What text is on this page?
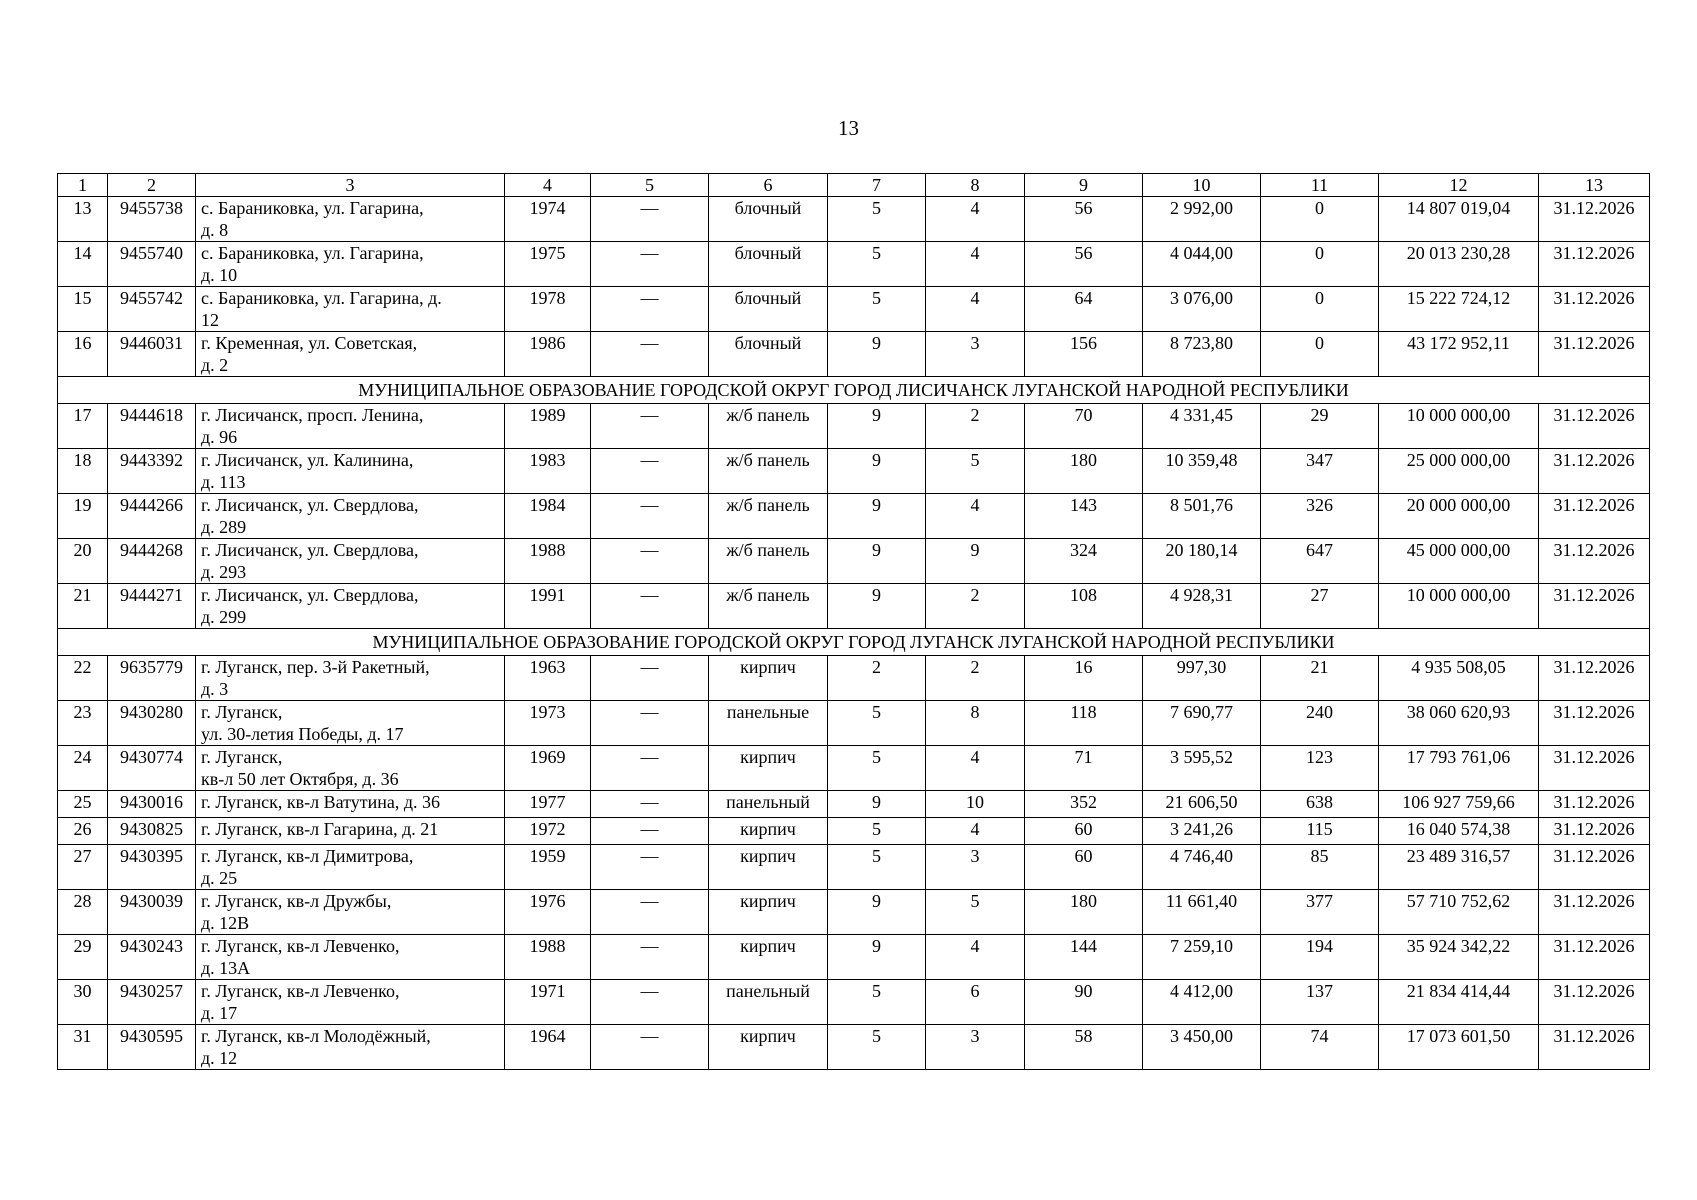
13
1	2	3	4	5	6	7	8	9	10	11	12	13
13	9455738	с. Бараниковка, ул. Гагарина,
д. 8	1974	—	блочный	5	4	56	2 992,00	0	14 807 019,04	31.12.2026
14	9455740	с. Бараниковка, ул. Гагарина,
д. 10	1975	—	блочный	5	4	56	4 044,00	0	20 013 230,28	31.12.2026
15	9455742	с. Бараниковка, ул. Гагарина, д.
12	1978	—	блочный	5	4	64	3 076,00	0	15 222 724,12	31.12.2026
16	9446031	г. Кременная, ул. Советская,
д. 2	1986	—	блочный	9	3	156	8 723,80	0	43 172 952,11	31.12.2026
МУНИЦИПАЛЬНОЕ ОБРАЗОВАНИЕ ГОРОДСКОЙ ОКРУГ ГОРОД ЛИСИЧАНСК ЛУГАНСКОЙ НАРОДНОЙ РЕСПУБЛИКИ												
17	9444618	г. Лисичанск, просп. Ленина,
д. 96	1989	—	ж/б панель	9	2	70	4 331,45	29	10 000 000,00	31.12.2026
18	9443392	г. Лисичанск, ул. Калинина,
д. 113	1983	—	ж/б панель	9	5	180	10 359,48	347	25 000 000,00	31.12.2026
19	9444266	г. Лисичанск, ул. Свердлова,
д. 289	1984	—	ж/б панель	9	4	143	8 501,76	326	20 000 000,00	31.12.2026
20	9444268	г. Лисичанск, ул. Свердлова,
д. 293	1988	—	ж/б панель	9	9	324	20 180,14	647	45 000 000,00	31.12.2026
21	9444271	г. Лисичанск, ул. Свердлова,
д. 299	1991	—	ж/б панель	9	2	108	4 928,31	27	10 000 000,00	31.12.2026
МУНИЦИПАЛЬНОЕ ОБРАЗОВАНИЕ ГОРОДСКОЙ ОКРУГ ГОРОД ЛУГАНСК ЛУГАНСКОЙ НАРОДНОЙ РЕСПУБЛИКИ												
22	9635779	г. Луганск, пер. 3-й Ракетный,
д. 3	1963	—	кирпич	2	2	16	997,30	21	4 935 508,05	31.12.2026
23	9430280	г. Луганск,
ул. 30-летия Победы, д. 17	1973	—	панельные	5	8	118	7 690,77	240	38 060 620,93	31.12.2026
24	9430774	г. Луганск,
кв-л 50 лет Октября, д. 36	1969	—	кирпич	5	4	71	3 595,52	123	17 793 761,06	31.12.2026
25	9430016	г. Луганск, кв-л Ватутина, д. 36	1977	—	панельный	9	10	352	21 606,50	638	106 927 759,66	31.12.2026
26	9430825	г. Луганск, кв-л Гагарина, д. 21	1972	—	кирпич	5	4	60	3 241,26	115	16 040 574,38	31.12.2026
27	9430395	г. Луганск, кв-л Димитрова,
д. 25	1959	—	кирпич	5	3	60	4 746,40	85	23 489 316,57	31.12.2026
28	9430039	г. Луганск, кв-л Дружбы,
д. 12В	1976	—	кирпич	9	5	180	11 661,40	377	57 710 752,62	31.12.2026
29	9430243	г. Луганск, кв-л Левченко,
д. 13А	1988	—	кирпич	9	4	144	7 259,10	194	35 924 342,22	31.12.2026
30	9430257	г. Луганск, кв-л Левченко,
д. 17	1971	—	панельный	5	6	90	4 412,00	137	21 834 414,44	31.12.2026
31	9430595	г. Луганск, кв-л Молодёжный,
д. 12	1964	—	кирпич	5	3	58	3 450,00	74	17 073 601,50	31.12.2026
